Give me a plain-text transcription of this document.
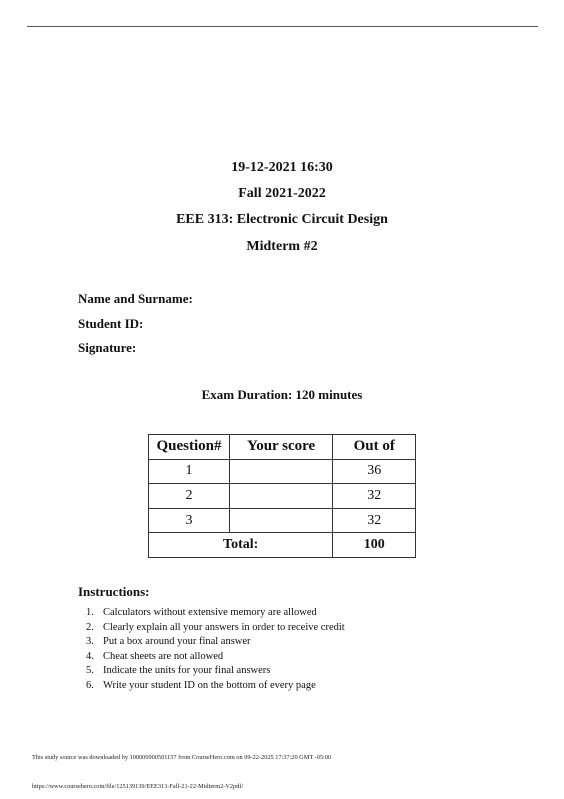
19-12-2021 16:30
Fall 2021-2022
EEE 313: Electronic Circuit Design
Midterm #2
Name and Surname:
Student ID:
Signature:
Exam Duration: 120 minutes
Question#	Your score	Out of
1		36
2		32
3		32
Total:		100
Instructions:
1. Calculators without extensive memory are allowed
2. Clearly explain all your answers in order to receive credit
3. Put a box around your final answer
4. Cheat sheets are not allowed
5. Indicate the units for your final answers
6. Write your student ID on the bottom of every page
This study source was downloaded by 100000900501157 from CourseHero.com on 09-22-2025 17:37:20 GMT -05:00
https://www.coursehero.com/file/125139139/EEE313-Fall-21-22-Midterm2-V2pdf/
